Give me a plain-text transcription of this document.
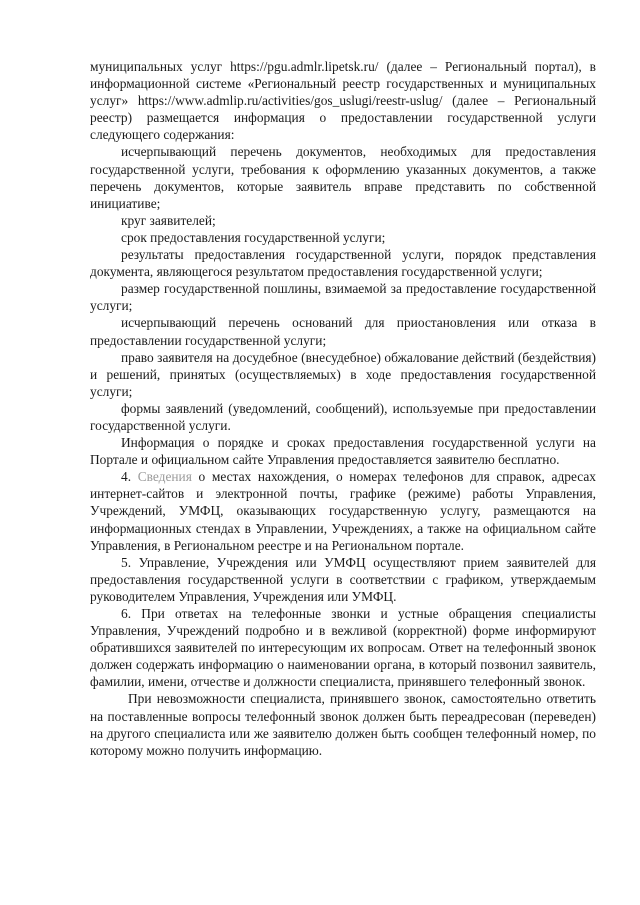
муниципальных услуг https://pgu.admlr.lipetsk.ru/ (далее – Региональный портал), в информационной системе «Региональный реестр государственных и муниципальных услуг» https://www.admlip.ru/activities/gos_uslugi/reestr-uslug/ (далее – Региональный реестр) размещается информация о предоставлении государственной услуги следующего содержания:

исчерпывающий перечень документов, необходимых для предоставления государственной услуги, требования к оформлению указанных документов, а также перечень документов, которые заявитель вправе представить по собственной инициативе;

круг заявителей;

срок предоставления государственной услуги;

результаты предоставления государственной услуги, порядок представления документа, являющегося результатом предоставления государственной услуги;

размер государственной пошлины, взимаемой за предоставление государственной услуги;

исчерпывающий перечень оснований для приостановления или отказа в предоставлении государственной услуги;

право заявителя на досудебное (внесудебное) обжалование действий (бездействия) и решений, принятых (осуществляемых) в ходе предоставления государственной услуги;

формы заявлений (уведомлений, сообщений), используемые при предоставлении государственной услуги.

Информация о порядке и сроках предоставления государственной услуги на Портале и официальном сайте Управления предоставляется заявителю бесплатно.

4. Сведения о местах нахождения, о номерах телефонов для справок, адресах интернет-сайтов и электронной почты, графике (режиме) работы Управления, Учреждений, УМФЦ, оказывающих государственную услугу, размещаются на информационных стендах в Управлении, Учреждениях, а также на официальном сайте Управления, в Региональном реестре и на Региональном портале.

5. Управление, Учреждения или УМФЦ осуществляют прием заявителей для предоставления государственной услуги в соответствии с графиком, утверждаемым руководителем Управления, Учреждения или УМФЦ.

6. При ответах на телефонные звонки и устные обращения специалисты Управления, Учреждений подробно и в вежливой (корректной) форме информируют обратившихся заявителей по интересующим их вопросам. Ответ на телефонный звонок должен содержать информацию о наименовании органа, в который позвонил заявитель, фамилии, имени, отчестве и должности специалиста, принявшего телефонный звонок.

При невозможности специалиста, принявшего звонок, самостоятельно ответить на поставленные вопросы телефонный звонок должен быть переадресован (переведен) на другого специалиста или же заявителю должен быть сообщен телефонный номер, по которому можно получить информацию.
